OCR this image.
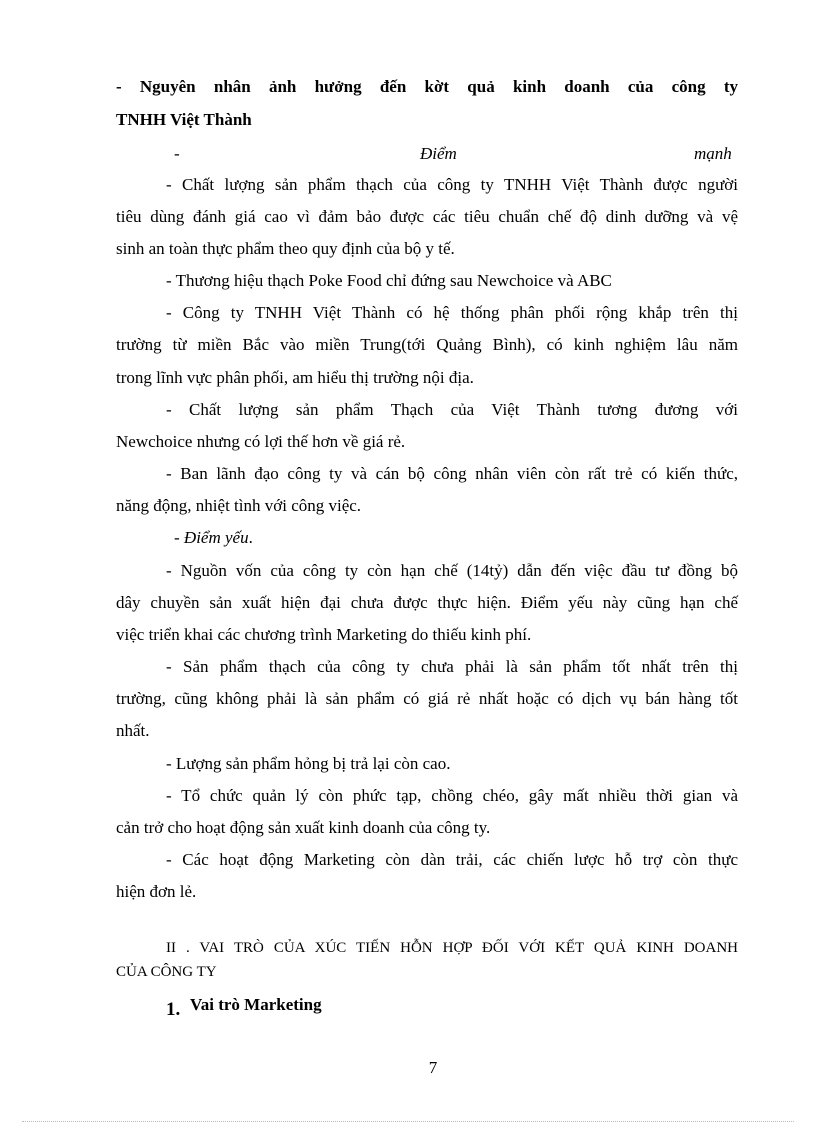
- Nguyên nhân ảnh hưởng đến kờt quả kinh doanh của công ty
TNHH Việt Thành
-	Điểm	mạnh
- Chất lượng sản phẩm thạch của công ty TNHH Việt Thành được người
tiêu dùng đánh giá cao vì đảm bảo được các tiêu chuẩn chế độ dinh dưỡng và vệ
sinh an toàn thực phẩm theo quy định của bộ y tế.
- Thương hiệu thạch Poke Food chỉ đứng sau Newchoice và ABC
- Công ty TNHH Việt Thành có hệ thống phân phối rộng khắp trên thị
trường từ miền Bắc vào miền Trung(tới Quảng Bình), có kinh nghiệm lâu năm
trong lĩnh vực phân phối, am hiểu thị trường nội địa.
- Chất lượng sản phẩm Thạch của Việt Thành tương đương với
Newchoice nhưng có lợi thế hơn về giá rẻ.
- Ban lãnh đạo công ty và cán bộ công nhân viên còn rất trẻ có kiến thức,
năng động, nhiệt tình với công việc.
- Điểm yếu.
- Nguồn vốn của công ty còn hạn chế (14tỷ) dẫn đến việc đầu tư đồng bộ
dây chuyền sản xuất hiện đại chưa được thực hiện. Điểm yếu này cũng hạn chế
việc triển khai các chương trình Marketing do thiếu kinh phí.
- Sản phẩm thạch của công ty chưa phải là sản phẩm tốt nhất trên thị
trường, cũng không phải là sản phẩm có giá rẻ nhất hoặc có dịch vụ bán hàng tốt
nhất.
- Lượng sản phẩm hỏng bị trả lại còn cao.
- Tổ chức quản lý còn phức tạp, chồng chéo, gây mất nhiều thời gian và
cản trở cho hoạt động sản xuất kinh doanh của công ty.
- Các hoạt động Marketing còn dàn trải, các chiến lược hỗ trợ còn thực
hiện đơn lẻ.
II . VAI TRÒ CỦA XÚC TIẾN HỖN HỢP ĐỐI VỚI KẾT QUẢ KINH DOANH
CỦA CÔNG TY
1. Vai trò Marketing
7
